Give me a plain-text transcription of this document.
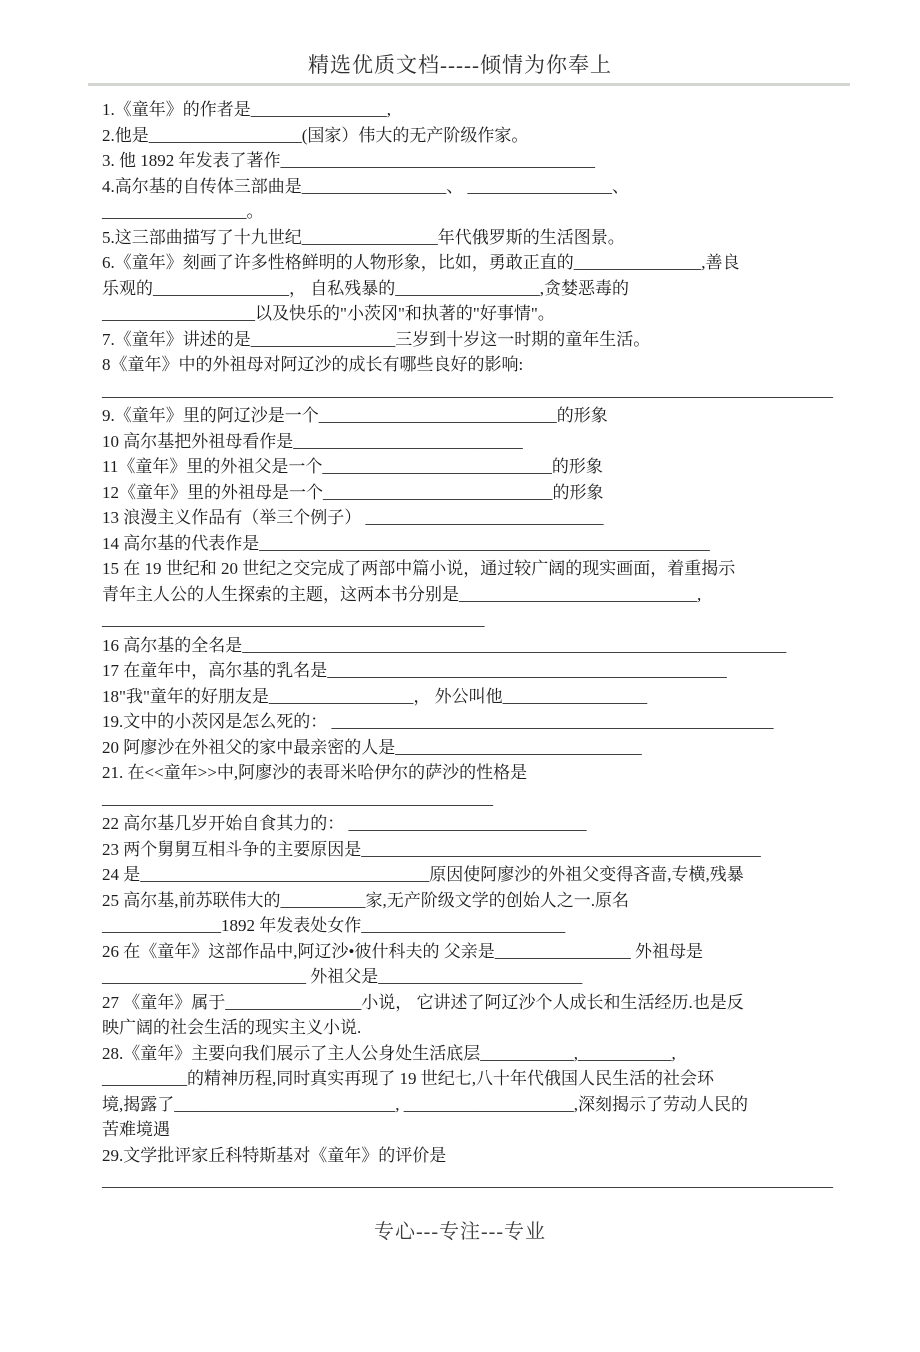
精选优质文档-----倾情为你奉上
1.《童年》的作者是________________,
2.他是__________________(国家）伟大的无产阶级作家。
3. 他 1892 年发表了著作_____________________________________
4.高尔基的自传体三部曲是_________________、 _________________、
_________________。
5.这三部曲描写了十九世纪________________年代俄罗斯的生活图景。
6.《童年》刻画了许多性格鲜明的人物形象，比如，勇敢正直的_______________,善良
乐观的________________， 自私残暴的_________________,贪婪恶毒的
__________________以及快乐的"小茨冈"和执著的"好事情"。
7.《童年》讲述的是_________________三岁到十岁这一时期的童年生活。
8《童年》中的外祖母对阿辽沙的成长有哪些良好的影响:
______________________________________________________________________________________
9.《童年》里的阿辽沙是一个____________________________的形象
10 高尔基把外祖母看作是___________________________
11《童年》里的外祖父是一个___________________________的形象
12《童年》里的外祖母是一个___________________________的形象
13 浪漫主义作品有（举三个例子） ____________________________
14 高尔基的代表作是_____________________________________________________
15 在 19 世纪和 20 世纪之交完成了两部中篇小说，通过较广阔的现实画面，着重揭示
青年主人公的人生探索的主题，这两本书分别是____________________________,
_____________________________________________
16 高尔基的全名是________________________________________________________________
17 在童年中，高尔基的乳名是_______________________________________________
18"我"童年的好朋友是_________________， 外公叫他_________________
19.文中的小茨冈是怎么死的： ____________________________________________________
20 阿廖沙在外祖父的家中最亲密的人是_____________________________
21. 在<<童年>>中,阿廖沙的表哥米哈伊尔的萨沙的性格是
______________________________________________
22 高尔基几岁开始自食其力的： ____________________________
23 两个舅舅互相斗争的主要原因是_______________________________________________
24 是__________________________________原因使阿廖沙的外祖父变得吝啬,专横,残暴
25 高尔基,前苏联伟大的__________家,无产阶级文学的创始人之一.原名
______________1892 年发表处女作________________________
26 在《童年》这部作品中,阿辽沙•彼什科夫的 父亲是________________ 外祖母是
________________________ 外祖父是________________________
27 《童年》属于________________小说， 它讲述了阿辽沙个人成长和生活经历.也是反
映广阔的社会生活的现实主义小说.
28.《童年》主要向我们展示了主人公身处生活底层___________,___________,
__________的精神历程,同时真实再现了 19 世纪七,八十年代俄国人民生活的社会环
境,揭露了__________________________, ____________________,深刻揭示了劳动人民的
苦难境遇
29.文学批评家丘科特斯基对《童年》的评价是
______________________________________________________________________________________
专心---专注---专业
